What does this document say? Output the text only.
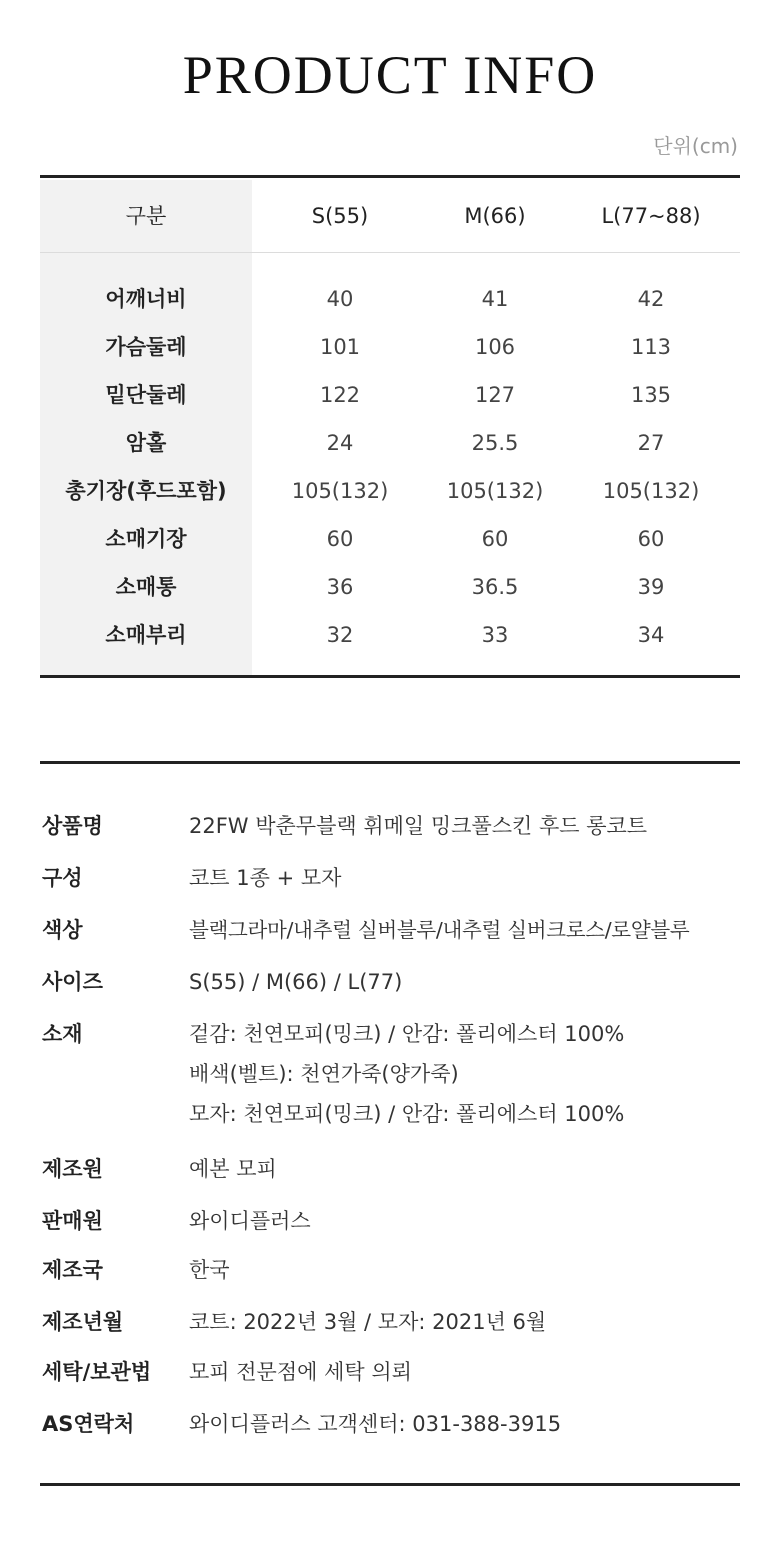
PRODUCT INFO
단위(cm)
구분	S(55)	M(66)	L(77~88)
어깨너비	40	41	42
가슴둘레	101	106	113
밑단둘레	122	127	135
암홀	24	25.5	27
총기장(후드포함)	105(132)	105(132)	105(132)
소매기장	60	60	60
소매통	36	36.5	39
소매부리	32	33	34
상품명	22FW 박춘무블랙 휘메일 밍크풀스킨 후드 롱코트
구성	코트 1종 + 모자
색상	블랙그라마/내추럴 실버블루/내추럴 실버크로스/로얄블루
사이즈	S(55) / M(66) / L(77)
소재	겉감: 천연모피(밍크) / 안감: 폴리에스터 100%
배색(벨트): 천연가죽(양가죽)
모자: 천연모피(밍크) / 안감: 폴리에스터 100%
제조원	예본 모피
판매원	와이디플러스
제조국	한국
제조년월	코트: 2022년 3월 / 모자: 2021년 6월
세탁/보관법	모피 전문점에 세탁 의뢰
AS연락처	와이디플러스 고객센터: 031-388-3915
